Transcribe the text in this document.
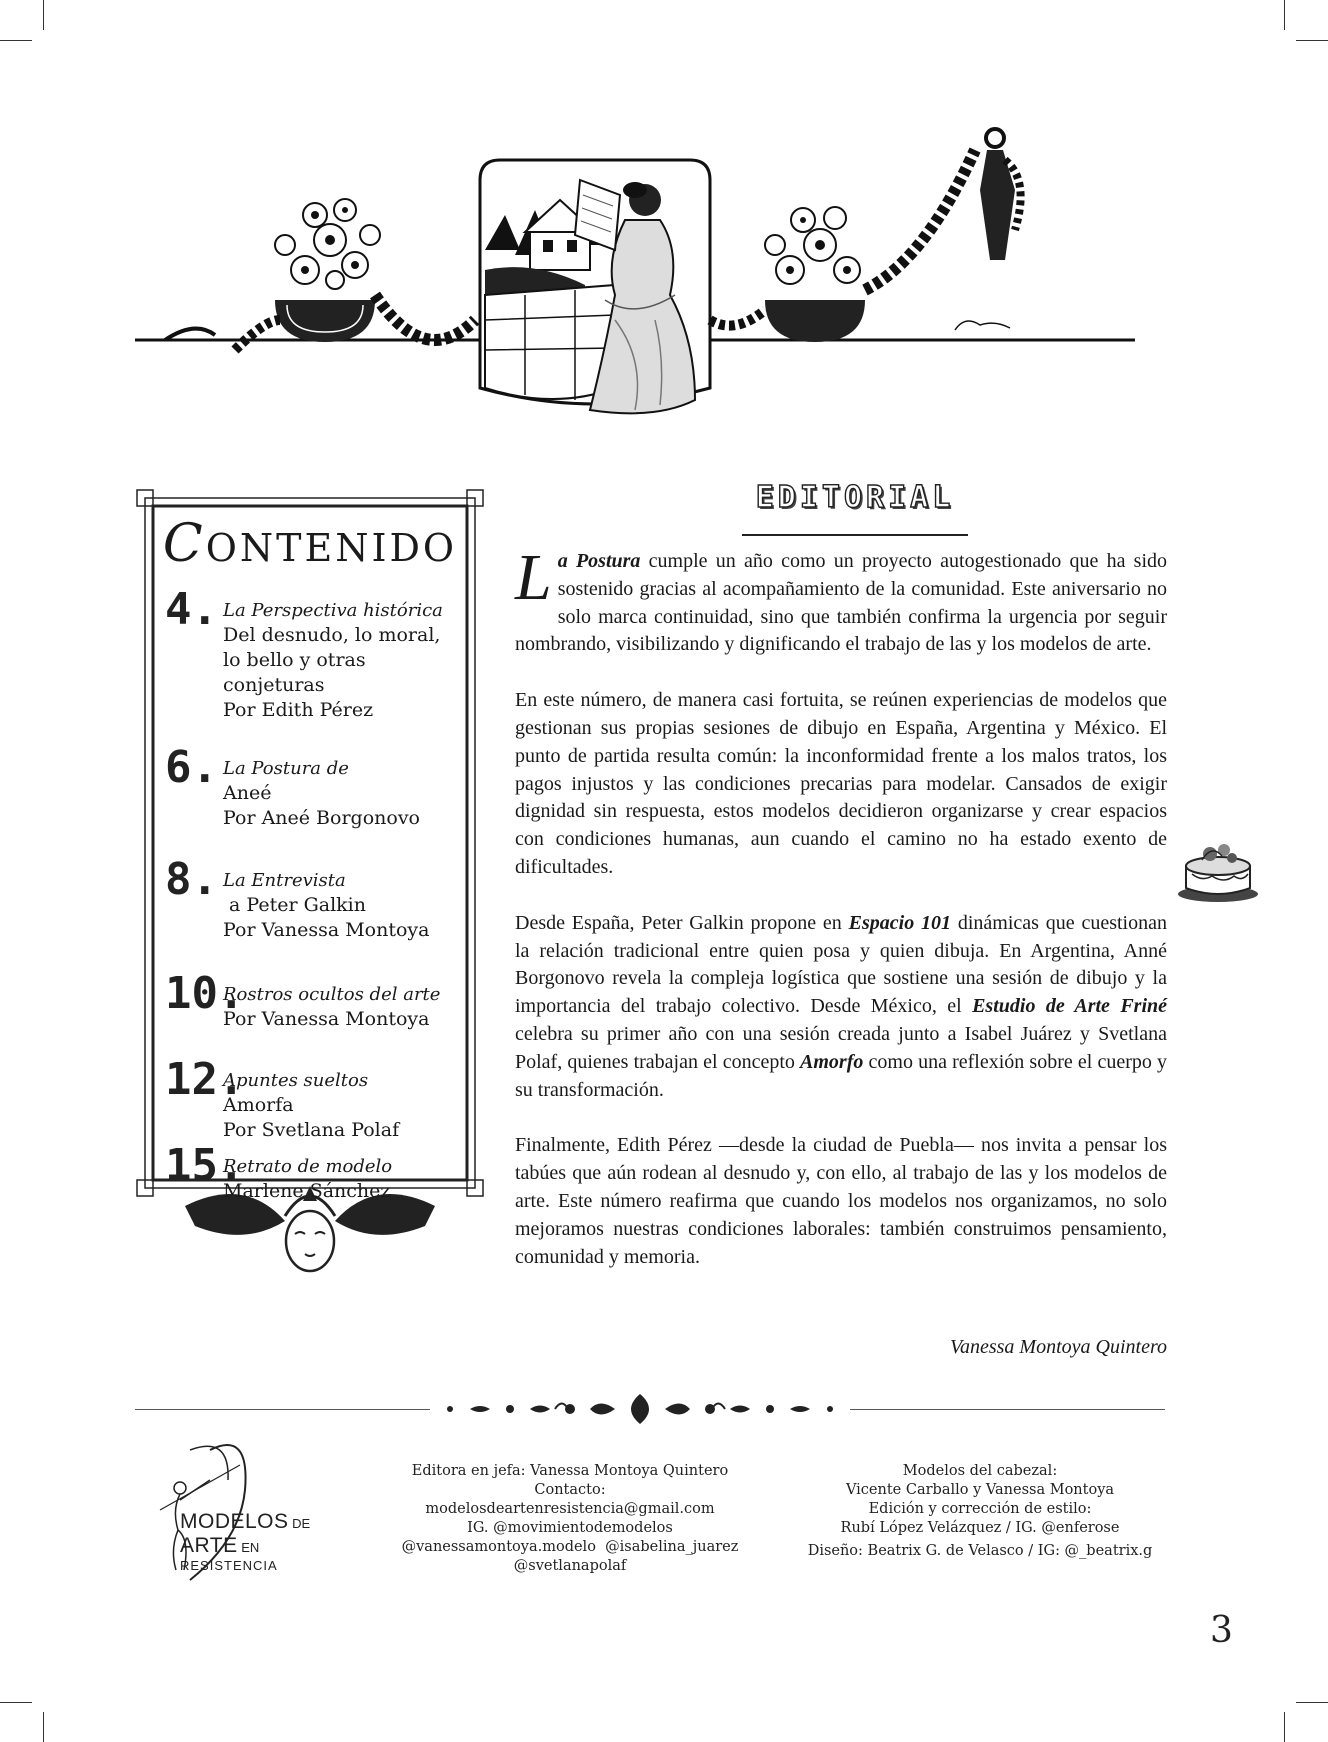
CONTENIDO
4. La Perspectiva histórica
Del desnudo, lo moral,
lo bello y otras
conjeturas
Por Edith Pérez
6. La Postura de
Aneé
Por Aneé Borgonovo
8. La Entrevista
a Peter Galkin
Por Vanessa Montoya
10.
Rostros ocultos del arte
Por Vanessa Montoya
12.
Apuntes sueltos
Amorfa
Por Svetlana Polaf
15.
Retrato de modelo
Marlene Sánchez
EDITORIAL

La Postura cumple un año como un proyecto autogestionado que ha sido sostenido gracias al acompañamiento de la comunidad. Este aniversario no solo marca continuidad, sino que también confirma la urgencia por seguir nombrando, visibilizando y dignificando el trabajo de las y los modelos de arte.

En este número, de manera casi fortuita, se reúnen experiencias de modelos que gestionan sus propias sesiones de dibujo en España, Argentina y México. El punto de partida resulta común: la inconformidad frente a los malos tratos, los pagos injustos y las condiciones precarias para modelar. Cansados de exigir dignidad sin respuesta, estos modelos decidieron organizarse y crear espacios con condiciones humanas, aun cuando el camino no ha estado exento de dificultades.

Desde España, Peter Galkin propone en Espacio 101 dinámicas que cuestionan la relación tradicional entre quien posa y quien dibuja. En Argentina, Anné Borgonovo revela la compleja logística que sostiene una sesión de dibujo y la importancia del trabajo colectivo. Desde México, el Estudio de Arte Friné celebra su primer año con una sesión creada junto a Isabel Juárez y Svetlana Polaf, quienes trabajan el concepto Amorfo como una reflexión sobre el cuerpo y su transformación.

Finalmente, Edith Pérez —desde la ciudad de Puebla— nos invita a pensar los tabúes que aún rodean al desnudo y, con ello, al trabajo de las y los modelos de arte. Este número reafirma que cuando los modelos nos organizamos, no solo mejoramos nuestras condiciones laborales: también construimos pensamiento, comunidad y memoria.

Vanessa Montoya Quintero
MODELOS DE
ARTE EN
RESISTENCIA
Editora en jefa: Vanessa Montoya Quintero
Contacto:
modelosdeartenresistencia@gmail.com
IG. @movimientodemodelos
@vanessamontoya.modelo  @isabelina_juarez
@svetlanapolaf
Modelos del cabezal:
Vicente Carballo y Vanessa Montoya
Edición y corrección de estilo:
Rubí López Velázquez / IG. @enferose
Diseño: Beatrix G. de Velasco / IG: @_beatrix.g
3
